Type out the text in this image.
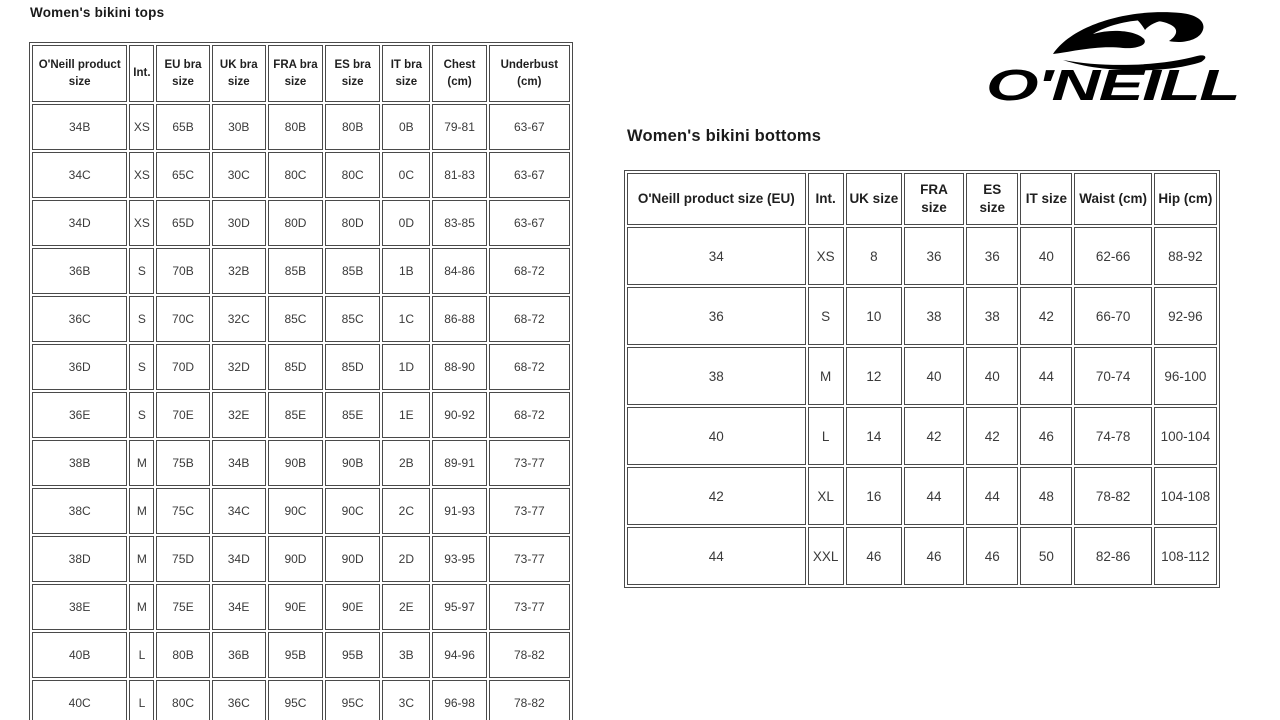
Women's bikini tops
O'Neill product size	Int.	EU bra size	UK bra size	FRA bra size	ES bra size	IT bra size	Chest (cm)	Underbust (cm)
34B	XS	65B	30B	80B	80B	0B	79-81	63-67
34C	XS	65C	30C	80C	80C	0C	81-83	63-67
34D	XS	65D	30D	80D	80D	0D	83-85	63-67
36B	S	70B	32B	85B	85B	1B	84-86	68-72
36C	S	70C	32C	85C	85C	1C	86-88	68-72
36D	S	70D	32D	85D	85D	1D	88-90	68-72
36E	S	70E	32E	85E	85E	1E	90-92	68-72
38B	M	75B	34B	90B	90B	2B	89-91	73-77
38C	M	75C	34C	90C	90C	2C	91-93	73-77
38D	M	75D	34D	90D	90D	2D	93-95	73-77
38E	M	75E	34E	90E	90E	2E	95-97	73-77
40B	L	80B	36B	95B	95B	3B	94-96	78-82
40C	L	80C	36C	95C	95C	3C	96-98	78-82
O'NEILL
Women's bikini bottoms
O'Neill product size (EU)	Int.	UK size	FRA size	ES size	IT size	Waist (cm)	Hip (cm)
34	XS	8	36	36	40	62-66	88-92
36	S	10	38	38	42	66-70	92-96
38	M	12	40	40	44	70-74	96-100
40	L	14	42	42	46	74-78	100-104
42	XL	16	44	44	48	78-82	104-108
44	XXL	46	46	46	50	82-86	108-112
